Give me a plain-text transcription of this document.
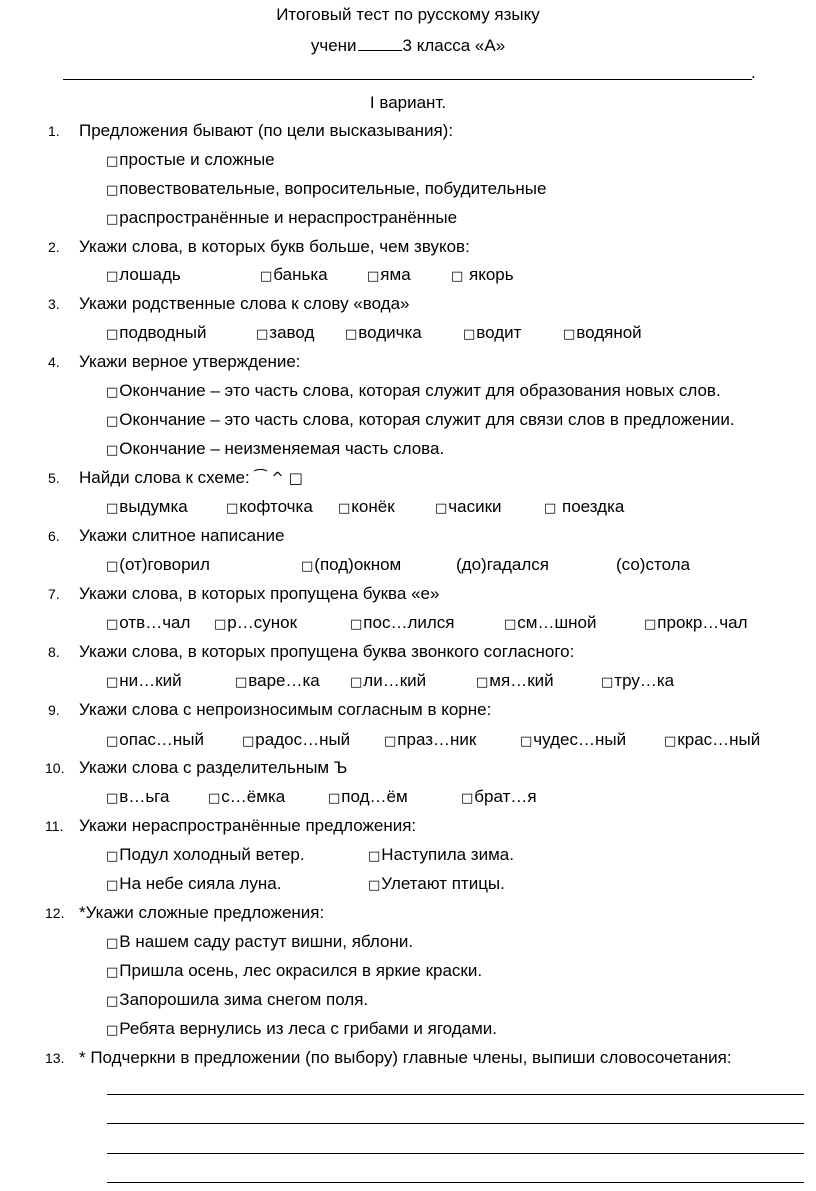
Итоговый тест по русскому языку
учени	3 класса «А»
.
I вариант.
1.	Предложения бывают (по цели высказывания):
□простые и сложные
□повествовательные, вопросительные, побудительные
□распространённые и нераспространённые
2.	Укажи слова, в которых букв больше, чем звуков:
□лошадь	□банька	□яма	□ якорь
3.	Укажи родственные слова к слову «вода»
□подводный	□завод □водичка	□водит	□водяной
4.	Укажи верное утверждение:
□Окончание – это часть слова, которая служит для образования новых слов.
□Окончание – это часть слова, которая служит для связи слов в предложении.
□Окончание – неизменяемая часть слова.
5.	Найди слова к схеме: ⁀ ^ □
□выдумка	□кофточка □конёк	□часики	□ поездка
6.	Укажи слитное написание
□(от)говорил	□(под)окном	(до)гадался	(со)стола
7.	Укажи слова, в которых пропущена буква «е»
□отв…чал □р…сунок	□пос…лился	□см…шной	□прокр…чал
8.	Укажи слова, в которых пропущена буква звонкого согласного:
□ни…кий	□варе…ка □ли…кий	□мя…кий	□тру…ка
9.	Укажи слова с непроизносимым согласным в корне:
□опас…ный	□радос…ный	□праз…ник	□чудес…ный	□крас…ный
10. Укажи слова с разделительным Ъ
□в…ьга	□с…ёмка	□под…ём	□брат…я
11. Укажи нераспространённые предложения:
□Подул холодный ветер.	□Наступила зима.
□На небе сияла луна.	□Улетают птицы.
12. *Укажи сложные предложения:
□В нашем саду растут вишни, яблони.
□Пришла осень, лес окрасился в яркие краски.
□Запорошила зима снегом поля.
□Ребята вернулись из леса с грибами и ягодами.
13. * Подчеркни в предложении (по выбору) главные члены, выпиши словосочетания:
